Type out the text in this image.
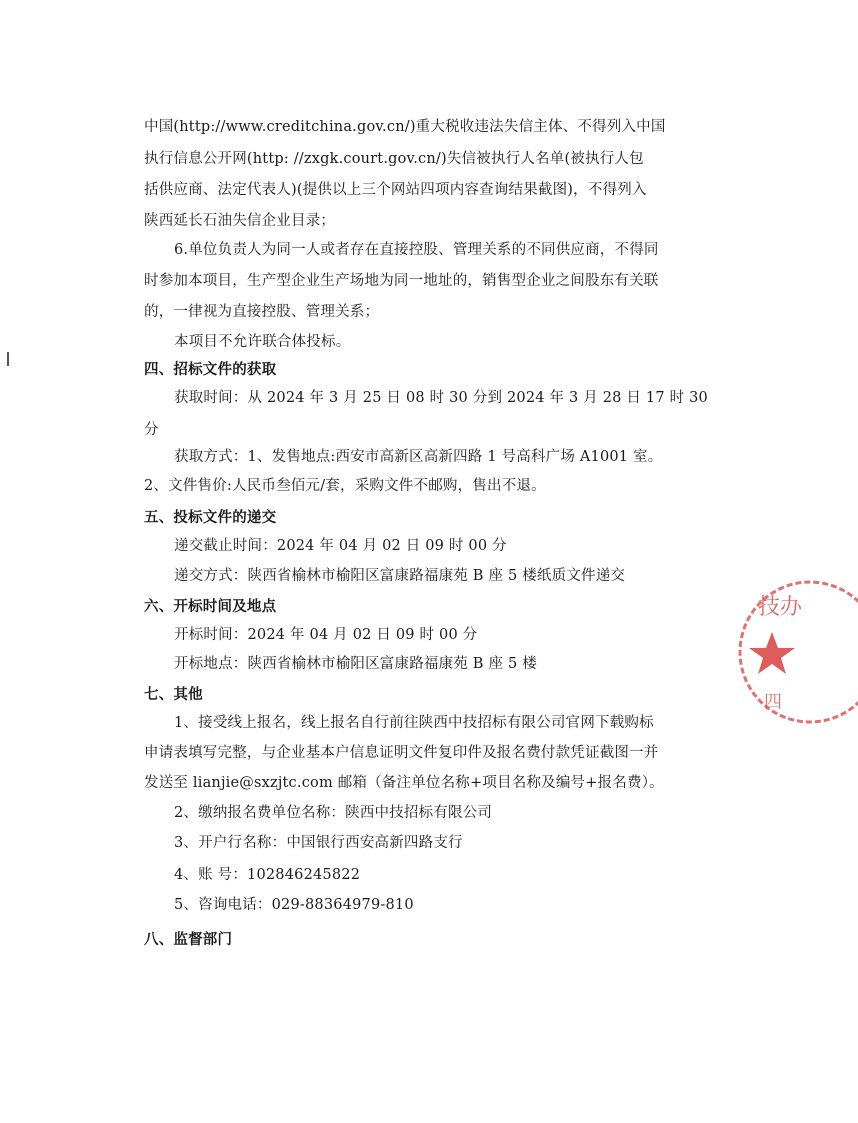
中国(http://www.creditchina.gov.cn/)重大税收违法失信主体、不得列入中国
执行信息公开网(http: //zxgk.court.gov.cn/)失信被执行人名单(被执行人包
括供应商、法定代表人)(提供以上三个网站四项内容查询结果截图)，不得列入
陕西延长石油失信企业目录；
6.单位负责人为同一人或者存在直接控股、管理关系的不同供应商，不得同
时参加本项目，生产型企业生产场地为同一地址的，销售型企业之间股东有关联
的，一律视为直接控股、管理关系；
本项目不允许联合体投标。
四、招标文件的获取
获取时间：从 2024 年 3 月 25 日 08 时 30 分到 2024 年 3 月 28 日 17 时 30
分
获取方式：1、发售地点:西安市高新区高新四路 1 号高科广场 A1001 室。
2、文件售价:人民币叁佰元/套，采购文件不邮购，售出不退。
五、投标文件的递交
递交截止时间：2024 年 04 月 02 日 09 时 00 分
递交方式：陕西省榆林市榆阳区富康路福康苑 B 座 5 楼纸质文件递交
六、开标时间及地点
开标时间：2024 年 04 月 02 日 09 时 00 分
开标地点：陕西省榆林市榆阳区富康路福康苑 B 座 5 楼
七、其他
1、接受线上报名，线上报名自行前往陕西中技招标有限公司官网下载购标
申请表填写完整，与企业基本户信息证明文件复印件及报名费付款凭证截图一并
发送至 lianjie@sxzjtc.com 邮箱（备注单位名称+项目名称及编号+报名费）。
2、缴纳报名费单位名称：陕西中技招标有限公司
3、开户行名称：中国银行西安高新四路支行
4、账 号：102846245822
5、咨询电话：029-88364979-810
八、监督部门
技办
四
